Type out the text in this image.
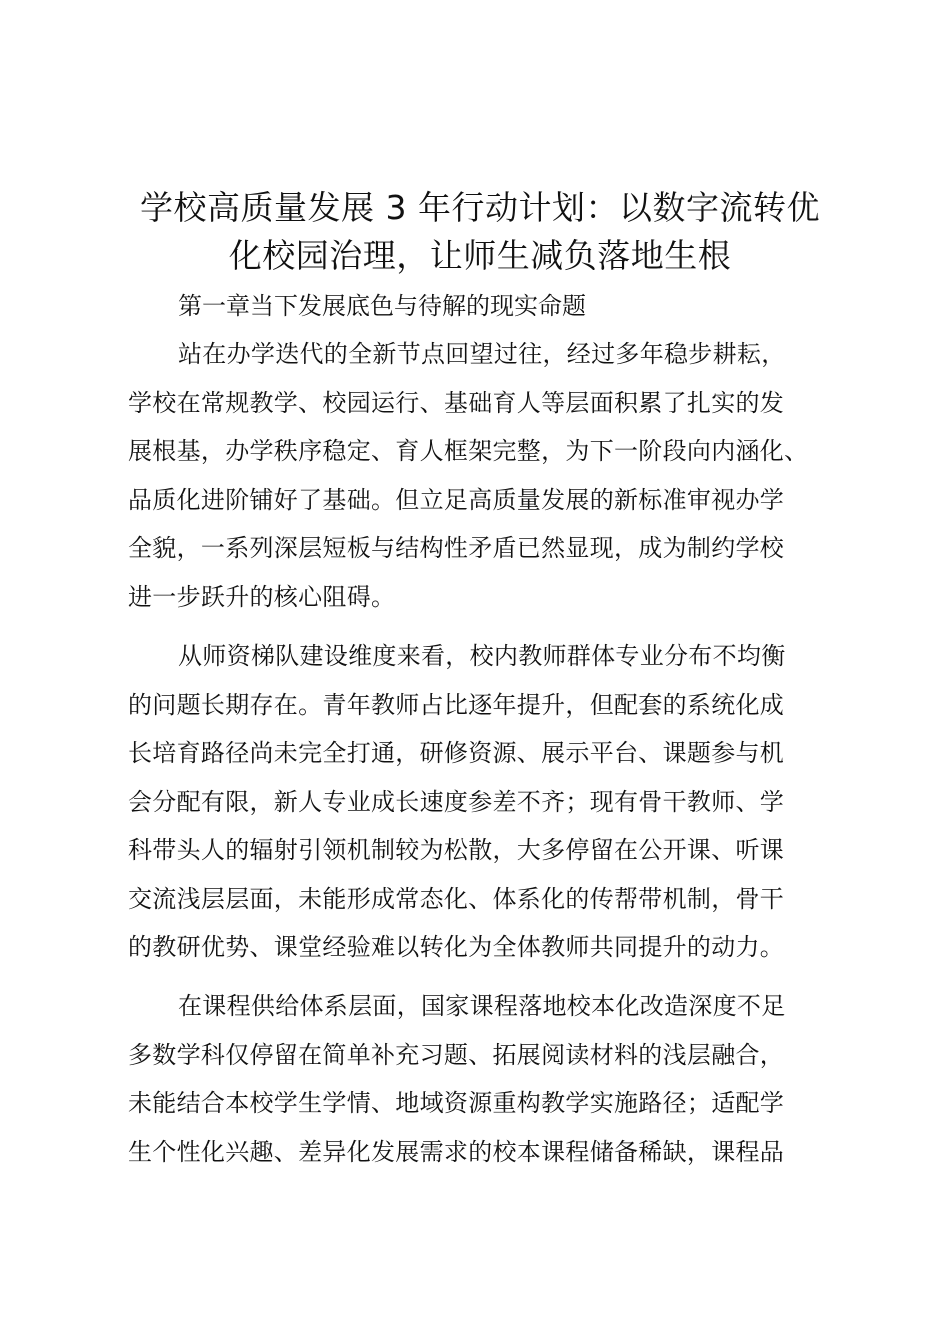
学校高质量发展 3 年行动计划：以数字流转优
化校园治理，让师生减负落地生根

第一章当下发展底色与待解的现实命题

站在办学迭代的全新节点回望过往，经过多年稳步耕耘，
学校在常规教学、校园运行、基础育人等层面积累了扎实的发
展根基，办学秩序稳定、育人框架完整，为下一阶段向内涵化、
品质化进阶铺好了基础。但立足高质量发展的新标准审视办学
全貌，一系列深层短板与结构性矛盾已然显现，成为制约学校
进一步跃升的核心阻碍。
从师资梯队建设维度来看，校内教师群体专业分布不均衡
的问题长期存在。青年教师占比逐年提升，但配套的系统化成
长培育路径尚未完全打通，研修资源、展示平台、课题参与机
会分配有限，新人专业成长速度参差不齐；现有骨干教师、学
科带头人的辐射引领机制较为松散，大多停留在公开课、听课
交流浅层层面，未能形成常态化、体系化的传帮带机制，骨干
的教研优势、课堂经验难以转化为全体教师共同提升的动力。
在课程供给体系层面，国家课程落地校本化改造深度不足
多数学科仅停留在简单补充习题、拓展阅读材料的浅层融合，
未能结合本校学生学情、地域资源重构教学实施路径；适配学
生个性化兴趣、差异化发展需求的校本课程储备稀缺，课程品
